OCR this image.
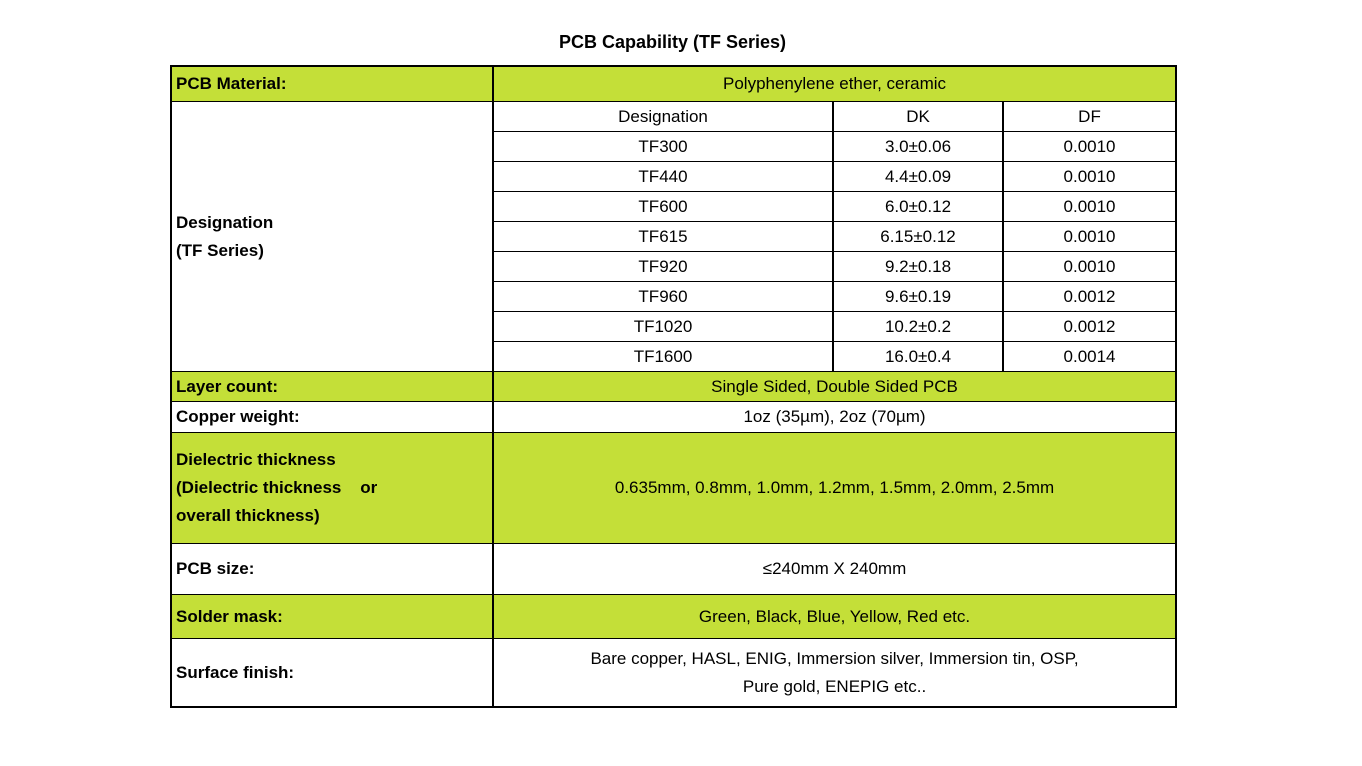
PCB Capability (TF Series)
PCB Material:	Polyphenylene ether, ceramic		

Designation
(TF Series)	Designation	DK	DF
	TF300	3.0±0.06	0.0010
	TF440	4.4±0.09	0.0010
	TF600	6.0±0.12	0.0010
	TF615	6.15±0.12	0.0010
	TF920	9.2±0.18	0.0010
	TF960	9.6±0.19	0.0012
	TF1020	10.2±0.2	0.0012
	TF1600	16.0±0.4	0.0014
Layer count:	Single Sided, Double Sided PCB		
Copper weight:	1oz (35µm), 2oz (70µm)		

Dielectric thickness
(Dielectric thickness    or
overall thickness)	0.635mm, 0.8mm, 1.0mm, 1.2mm, 1.5mm, 2.0mm, 2.5mm		
PCB size:	≤240mm X 240mm		
Solder mask:	Green, Black, Blue, Yellow, Red etc.		
Surface finish:	Bare copper, HASL, ENIG, Immersion silver, Immersion tin, OSP,
Pure gold, ENEPIG etc..		
